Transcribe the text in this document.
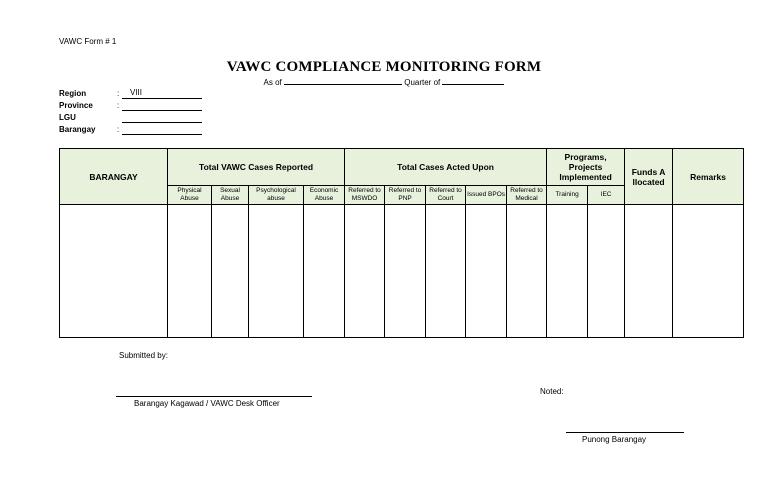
VAWC Form # 1
VAWC COMPLIANCE MONITORING FORM
As of	Quarter of
Region	:	VIII
Province	:
LGU
Barangay	:
BARANGAY	Total VAWC Cases Reported				Total Cases Acted Upon					Programs, Projects Implemented		Funds Allocated	Remarks
	Physical Abuse	Sexual Abuse	Psychological abuse	Economic Abuse	Referred to MSWDO	Referred to PNP	Referred to Court	Issued BPOs	Referred to Medical	Training	IEC		

Submitted by:
Barangay Kagawad / VAWC Desk Officer
Noted:
Punong Barangay
